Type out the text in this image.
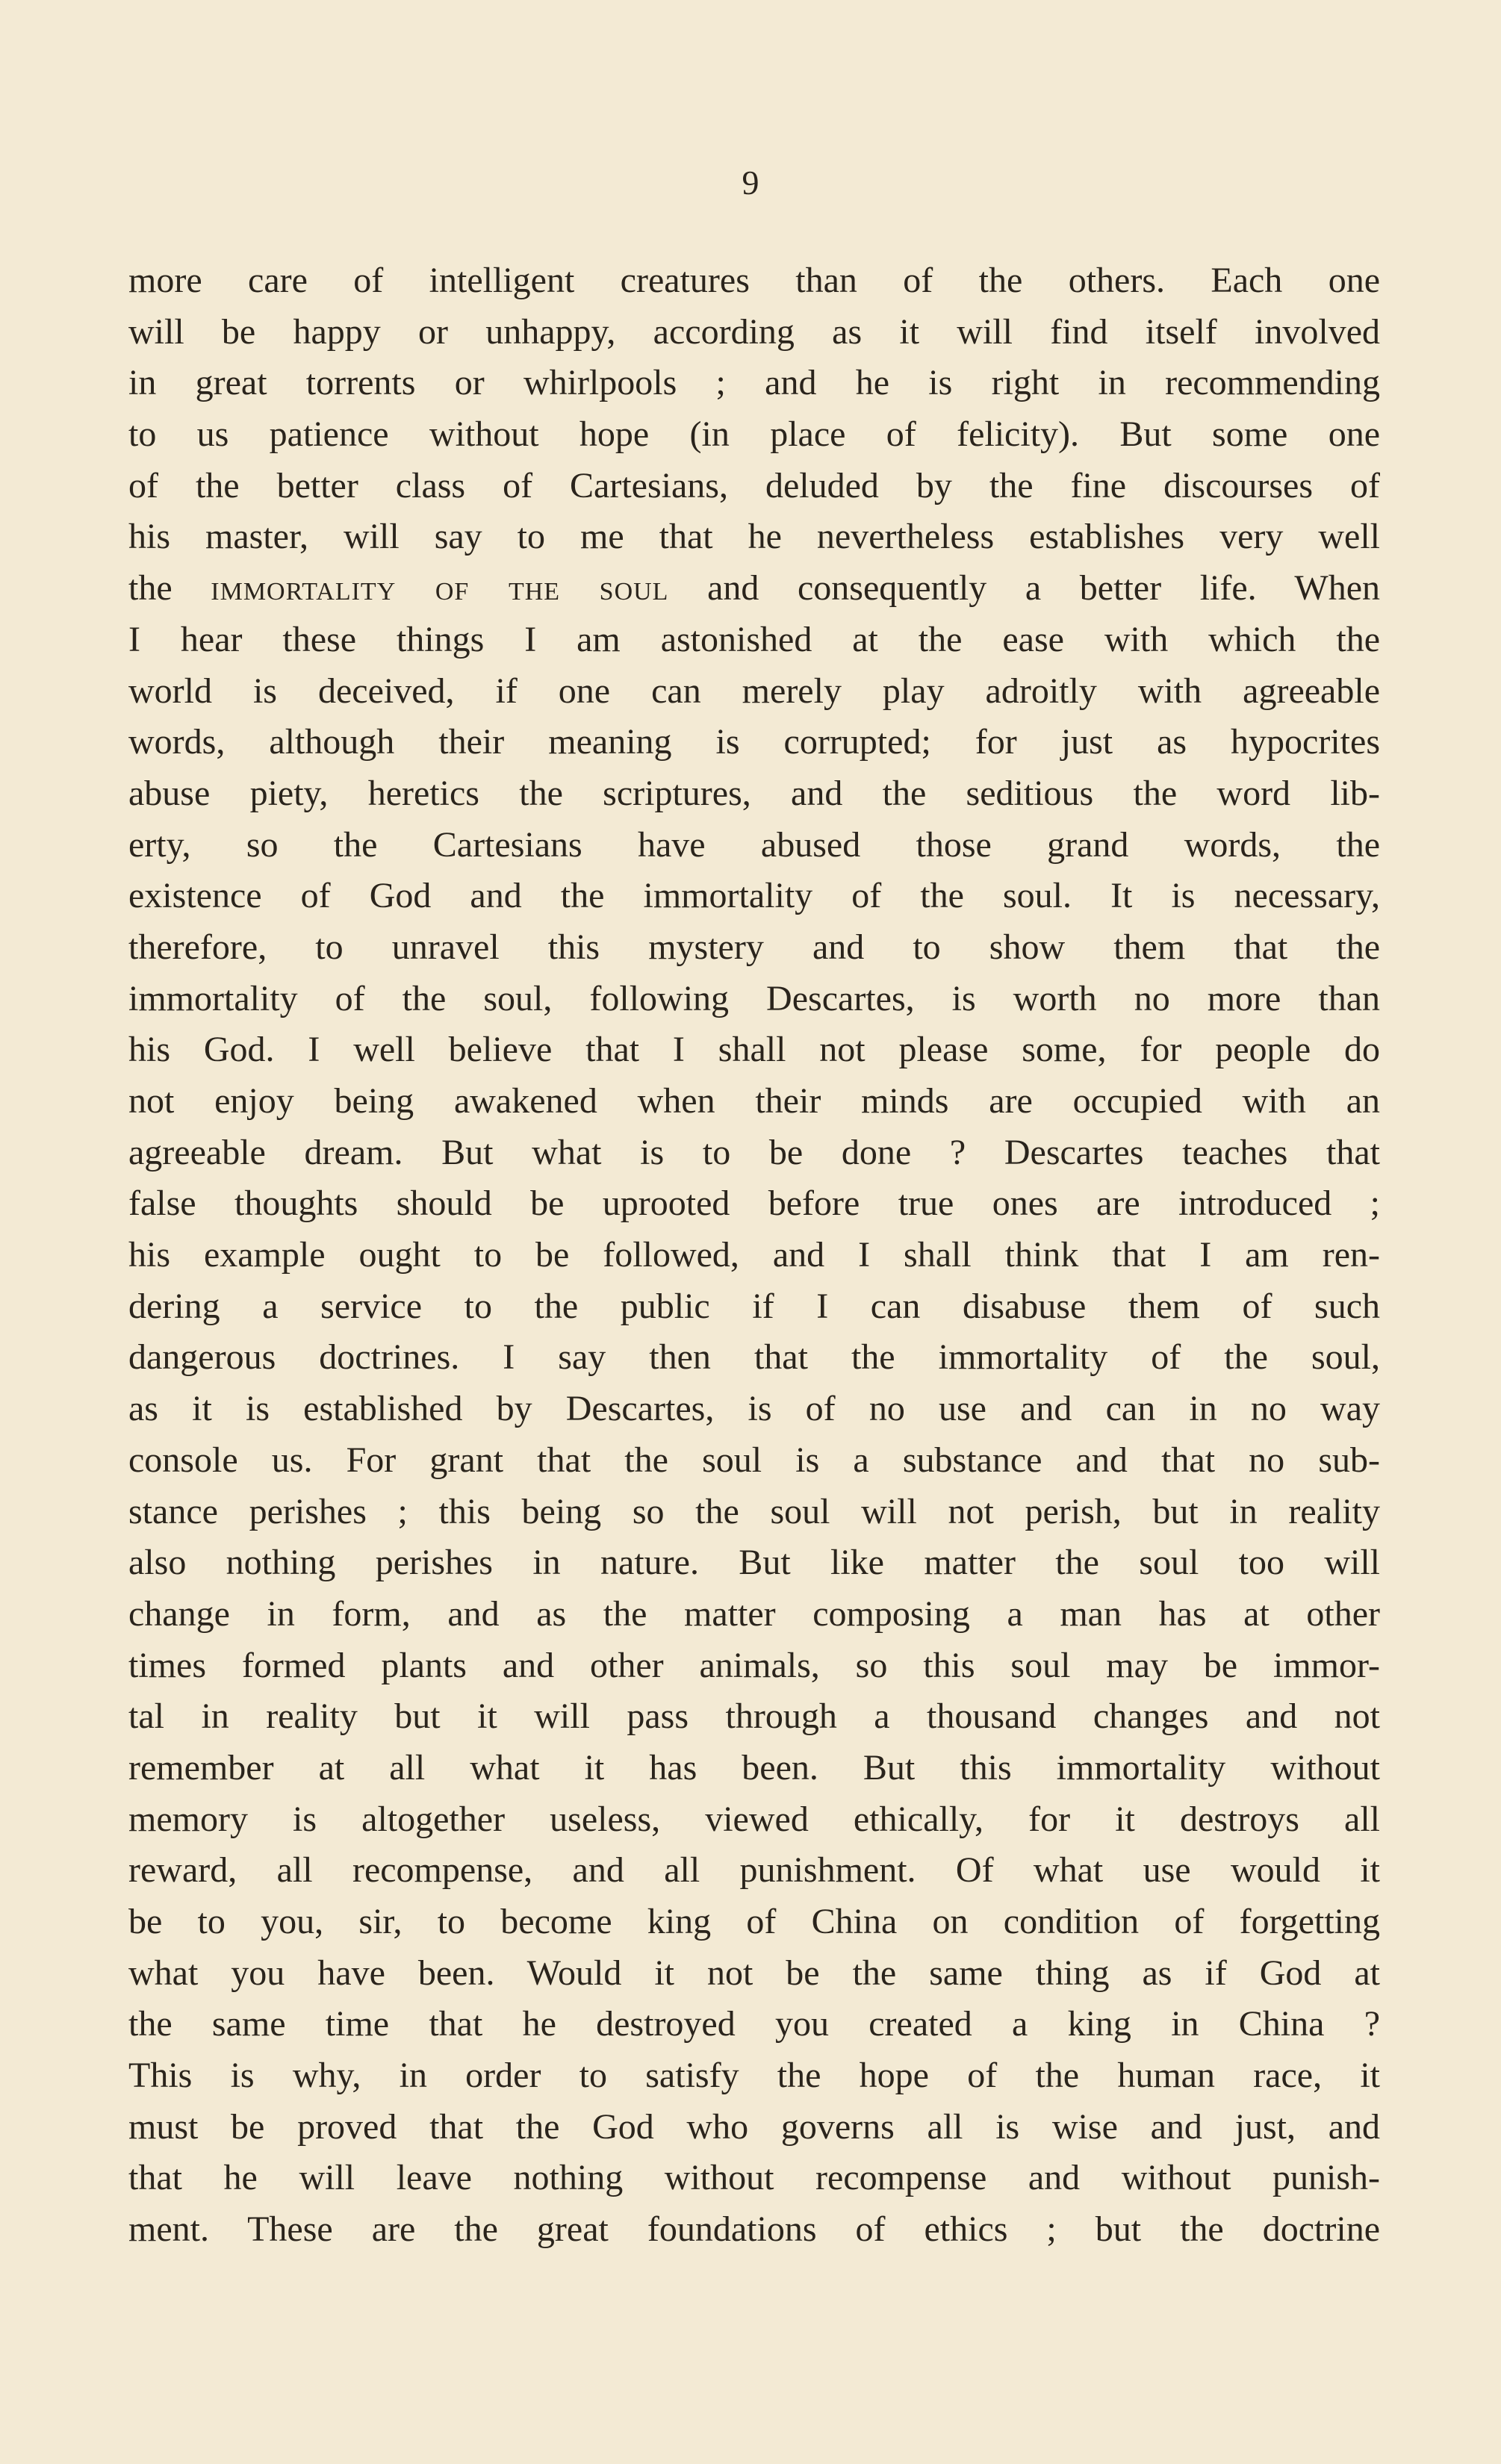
9
more care of intelligent creatures than of the others. Each one
will be happy or unhappy, according as it will find itself involved
in great torrents or whirlpools ; and he is right in recommending
to us patience without hope (in place of felicity). But some one
of the better class of Cartesians, deluded by the fine discourses of
his master, will say to me that he nevertheless establishes very well
the immortality of the soul and consequently a better life. When
I hear these things I am astonished at the ease with which the
world is deceived, if one can merely play adroitly with agreeable
words, although their meaning is corrupted; for just as hypocrites
abuse piety, heretics the scriptures, and the seditious the word lib-
erty, so the Cartesians have abused those grand words, the
existence of God and the immortality of the soul. It is necessary,
therefore, to unravel this mystery and to show them that the
immortality of the soul, following Descartes, is worth no more than
his God. I well believe that I shall not please some, for people do
not enjoy being awakened when their minds are occupied with an
agreeable dream. But what is to be done ? Descartes teaches that
false thoughts should be uprooted before true ones are introduced ;
his example ought to be followed, and I shall think that I am ren-
dering a service to the public if I can disabuse them of such
dangerous doctrines. I say then that the immortality of the soul,
as it is established by Descartes, is of no use and can in no way
console us. For grant that the soul is a substance and that no sub-
stance perishes ; this being so the soul will not perish, but in reality
also nothing perishes in nature. But like matter the soul too will
change in form, and as the matter composing a man has at other
times formed plants and other animals, so this soul may be immor-
tal in reality but it will pass through a thousand changes and not
remember at all what it has been. But this immortality without
memory is altogether useless, viewed ethically, for it destroys all
reward, all recompense, and all punishment. Of what use would it
be to you, sir, to become king of China on condition of forgetting
what you have been. Would it not be the same thing as if God at
the same time that he destroyed you created a king in China ?
This is why, in order to satisfy the hope of the human race, it
must be proved that the God who governs all is wise and just, and
that he will leave nothing without recompense and without punish-
ment. These are the great foundations of ethics ; but the doctrine
